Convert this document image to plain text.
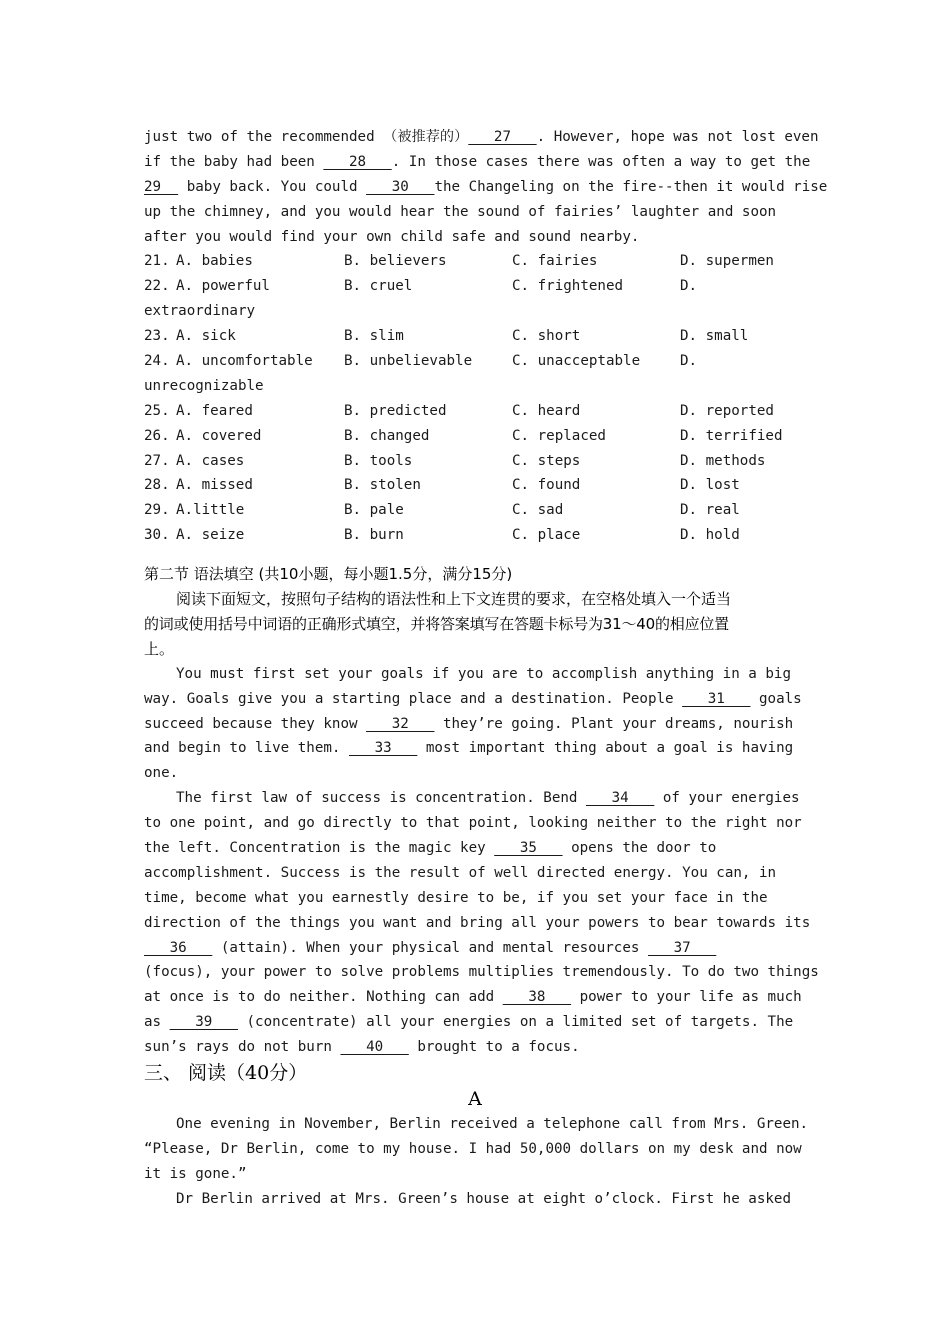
just two of the recommended （被推荐的）   27   . However, hope was not lost even
if the baby had been    28   . In those cases there was often a way to get the
29   baby back. You could    30   the Changeling on the fire--then it would rise
up the chimney, and you would hear the sound of fairies’ laughter and soon
after you would find your own child safe and sound nearby.
21. A. babies	B. believers	C. fairies	D. supermen
22. A. powerful	B. cruel	C. frightened	D.
extraordinary
23. A. sick	B. slim	C. short	D. small
24. A. uncomfortable B. unbelievable	C. unacceptable	D.
unrecognizable
25. A. feared	B. predicted	C. heard	D. reported
26. A. covered	B. changed	C. replaced	D. terrified
27. A. cases	B. tools	C. steps	D. methods
28. A. missed	B. stolen	C. found	D. lost
29. A.little	B. pale	C. sad	D. real
30. A. seize	B. burn	C. place	D. hold
第二节 语法填空 (共10小题，每小题1.5分，满分15分)
阅读下面短文，按照句子结构的语法性和上下文连贯的要求，在空格处填入一个适当
的词或使用括号中词语的正确形式填空，并将答案填写在答题卡标号为31～40的相应位置
上。
You must first set your goals if you are to accomplish anything in a big
way. Goals give you a starting place and a destination. People    31    goals
succeed because they know    32    they’re going. Plant your dreams, nourish
and begin to live them.    33    most important thing about a goal is having
one.
The first law of success is concentration. Bend    34    of your energies
to one point, and go directly to that point, looking neither to the right nor
the left. Concentration is the magic key    35    opens the door to
accomplishment. Success is the result of well directed energy. You can, in
time, become what you earnestly desire to be, if you set your face in the
direction of the things you want and bring all your powers to bear towards its
36    (attain). When your physical and mental resources    37
(focus), your power to solve problems multiplies tremendously. To do two things
at once is to do neither. Nothing can add    38    power to your life as much
as    39    (concentrate) all your energies on a limited set of targets. The
sun’s rays do not burn    40    brought to a focus.
三、 阅读（40分）
A
One evening in November, Berlin received a telephone call from Mrs. Green.
“Please, Dr Berlin, come to my house. I had 50,000 dollars on my desk and now
it is gone.”
Dr Berlin arrived at Mrs. Green’s house at eight o’clock. First he asked
